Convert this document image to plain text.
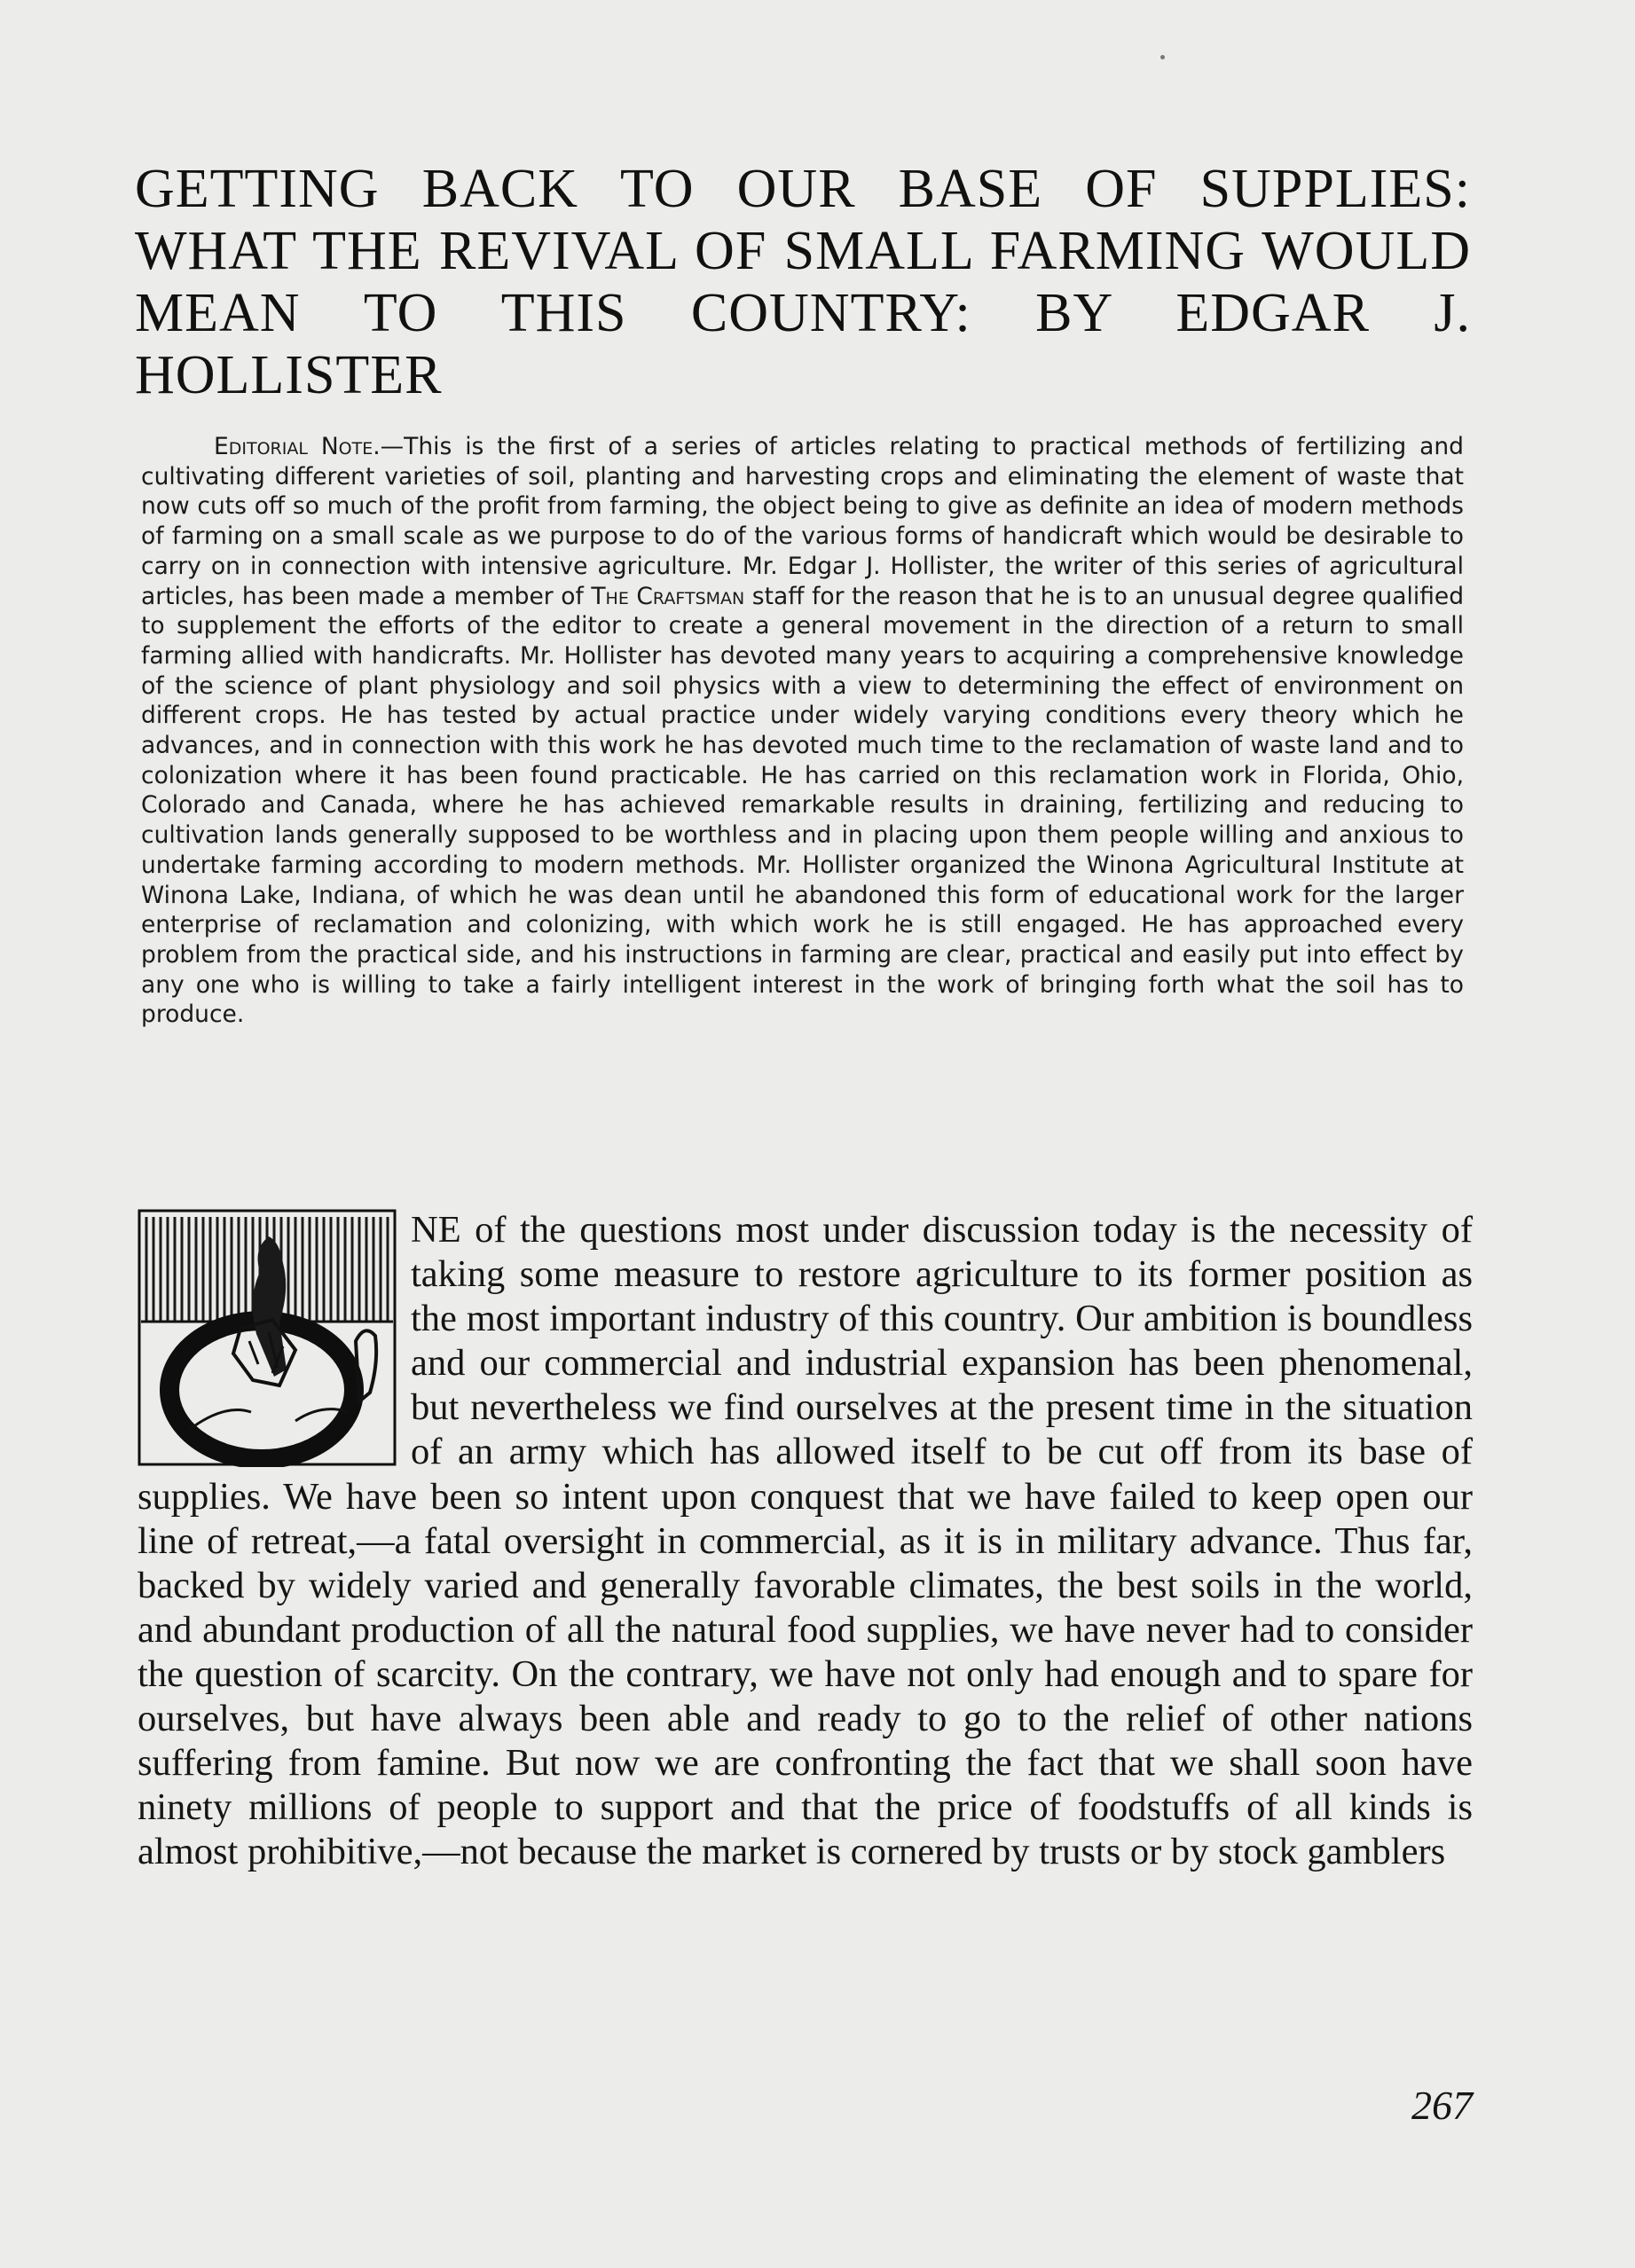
GETTING BACK TO OUR BASE OF SUPPLIES: WHAT THE REVIVAL OF SMALL FARMING WOULD MEAN TO THIS COUNTRY: BY EDGAR J. HOLLISTER

Editorial Note.—This is the first of a series of articles relating to practical methods of fertilizing and cultivating different varieties of soil, planting and harvesting crops and eliminating the element of waste that now cuts off so much of the profit from farming, the object being to give as definite an idea of modern methods of farming on a small scale as we purpose to do of the various forms of handicraft which would be desirable to carry on in connection with intensive agriculture. Mr. Edgar J. Hollister, the writer of this series of agricultural articles, has been made a member of The Craftsman staff for the reason that he is to an unusual degree qualified to supplement the efforts of the editor to create a general movement in the direction of a return to small farming allied with handicrafts. Mr. Hollister has devoted many years to acquiring a comprehensive knowledge of the science of plant physiology and soil physics with a view to determining the effect of environment on different crops. He has tested by actual practice under widely varying conditions every theory which he advances, and in connection with this work he has devoted much time to the reclamation of waste land and to colonization where it has been found practicable. He has carried on this reclamation work in Florida, Ohio, Colorado and Canada, where he has achieved remarkable results in draining, fertilizing and reducing to cultivation lands generally supposed to be worthless and in placing upon them people willing and anxious to undertake farming according to modern methods. Mr. Hollister organized the Winona Agricultural Institute at Winona Lake, Indiana, of which he was dean until he abandoned this form of educational work for the larger enterprise of reclamation and colonizing, with which work he is still engaged. He has approached every problem from the practical side, and his instructions in farming are clear, practical and easily put into effect by any one who is willing to take a fairly intelligent interest in the work of bringing forth what the soil has to produce.

NE of the questions most under discussion today is the necessity of taking some measure to restore agriculture to its former position as the most important industry of this country. Our ambition is boundless and our commercial and industrial expansion has been phenomenal, but nevertheless we find ourselves at the present time in the situation of an army which has allowed itself to be cut off from its base of supplies. We have been so intent upon conquest that we have failed to keep open our line of retreat,—a fatal oversight in commercial, as it is in military advance. Thus far, backed by widely varied and generally favorable climates, the best soils in the world, and abundant production of all the natural food supplies, we have never had to consider the question of scarcity. On the contrary, we have not only had enough and to spare for ourselves, but have always been able and ready to go to the relief of other nations suffering from famine. But now we are confronting the fact that we shall soon have ninety millions of people to support and that the price of foodstuffs of all kinds is almost prohibitive,—not because the market is cornered by trusts or by stock gamblers

267
